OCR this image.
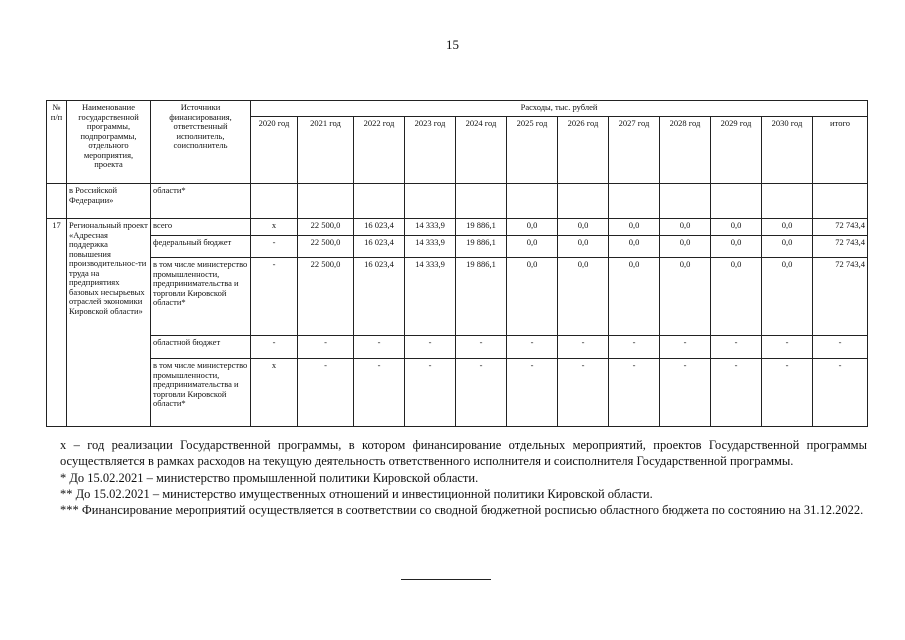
15
№ п/п	Наименование государственной программы, подпрограммы, отдельного мероприятия, проекта	Источники финансирования, ответственный исполнитель, соисполнитель	Расходы, тыс. рублей											
			2020 год	2021 год	2022 год	2023 год	2024 год	2025 год	2026 год	2027 год	2028 год	2029 год	2030 год	итого
	в Российской Федерации»	области*												
17	Региональный проект «Адресная поддержка повышения производительнос-ти труда на предприятиях базовых несырьевых отраслей экономики Кировской области»	всего	х	22 500,0	16 023,4	14 333,9	19 886,1	0,0	0,0	0,0	0,0	0,0	0,0	72 743,4
		федеральный бюджет	-	22 500,0	16 023,4	14 333,9	19 886,1	0,0	0,0	0,0	0,0	0,0	0,0	72 743,4
		в том числе министерство промышленности, предпринимательства и торговли Кировской области*	-	22 500,0	16 023,4	14 333,9	19 886,1	0,0	0,0	0,0	0,0	0,0	0,0	72 743,4
		областной бюджет	-	-	-	-	-	-	-	-	-	-	-	-
		в том числе министерство промышленности, предпринимательства и торговли Кировской области*	х	-	-	-	-	-	-	-	-	-	-	-

х – год реализации Государственной программы, в котором финансирование отдельных мероприятий, проектов Государственной программы осуществляется в рамках расходов на текущую деятельность ответственного исполнителя и соисполнителя Государственной программы.

* До 15.02.2021 – министерство промышленной политики Кировской области.

** До 15.02.2021 – министерство имущественных отношений и инвестиционной политики Кировской области.

*** Финансирование мероприятий осуществляется в соответствии со сводной бюджетной росписью областного бюджета по состоянию на 31.12.2022.
